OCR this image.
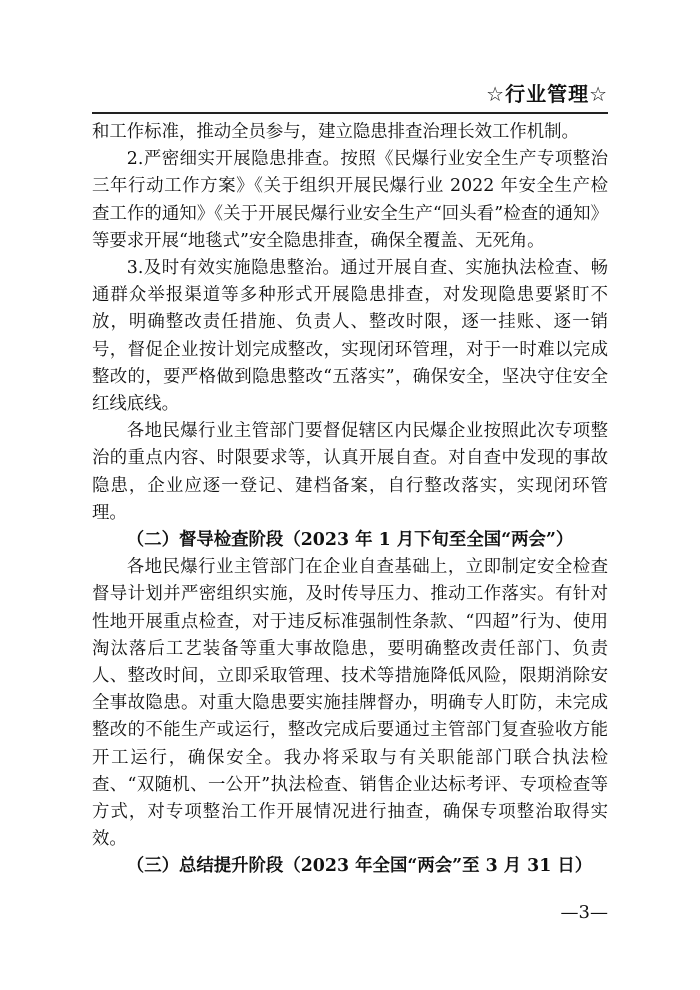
☆行业管理☆

和工作标准，推动全员参与，建立隐患排查治理长效工作机制。

2.严密细实开展隐患排查。按照《民爆行业安全生产专项整治三年行动工作方案》《关于组织开展民爆行业 2022 年安全生产检查工作的通知》《关于开展民爆行业安全生产“回头看”检查的通知》等要求开展“地毯式”安全隐患排查，确保全覆盖、无死角。

3.及时有效实施隐患整治。通过开展自查、实施执法检查、畅通群众举报渠道等多种形式开展隐患排查，对发现隐患要紧盯不放，明确整改责任措施、负责人、整改时限，逐一挂账、逐一销号，督促企业按计划完成整改，实现闭环管理，对于一时难以完成整改的，要严格做到隐患整改“五落实”，确保安全，坚决守住安全红线底线。

各地民爆行业主管部门要督促辖区内民爆企业按照此次专项整治的重点内容、时限要求等，认真开展自查。对自查中发现的事故隐患，企业应逐一登记、建档备案，自行整改落实，实现闭环管理。

（二）督导检查阶段（2023 年 1 月下旬至全国“两会”）

各地民爆行业主管部门在企业自查基础上，立即制定安全检查督导计划并严密组织实施，及时传导压力、推动工作落实。有针对性地开展重点检查，对于违反标准强制性条款、“四超”行为、使用淘汰落后工艺装备等重大事故隐患，要明确整改责任部门、负责人、整改时间，立即采取管理、技术等措施降低风险，限期消除安全事故隐患。对重大隐患要实施挂牌督办，明确专人盯防，未完成整改的不能生产或运行，整改完成后要通过主管部门复查验收方能开工运行，确保安全。我办将采取与有关职能部门联合执法检查、“双随机、一公开”执法检查、销售企业达标考评、专项检查等方式，对专项整治工作开展情况进行抽查，确保专项整治取得实效。

（三）总结提升阶段（2023 年全国“两会”至 3 月 31 日）

—3—
